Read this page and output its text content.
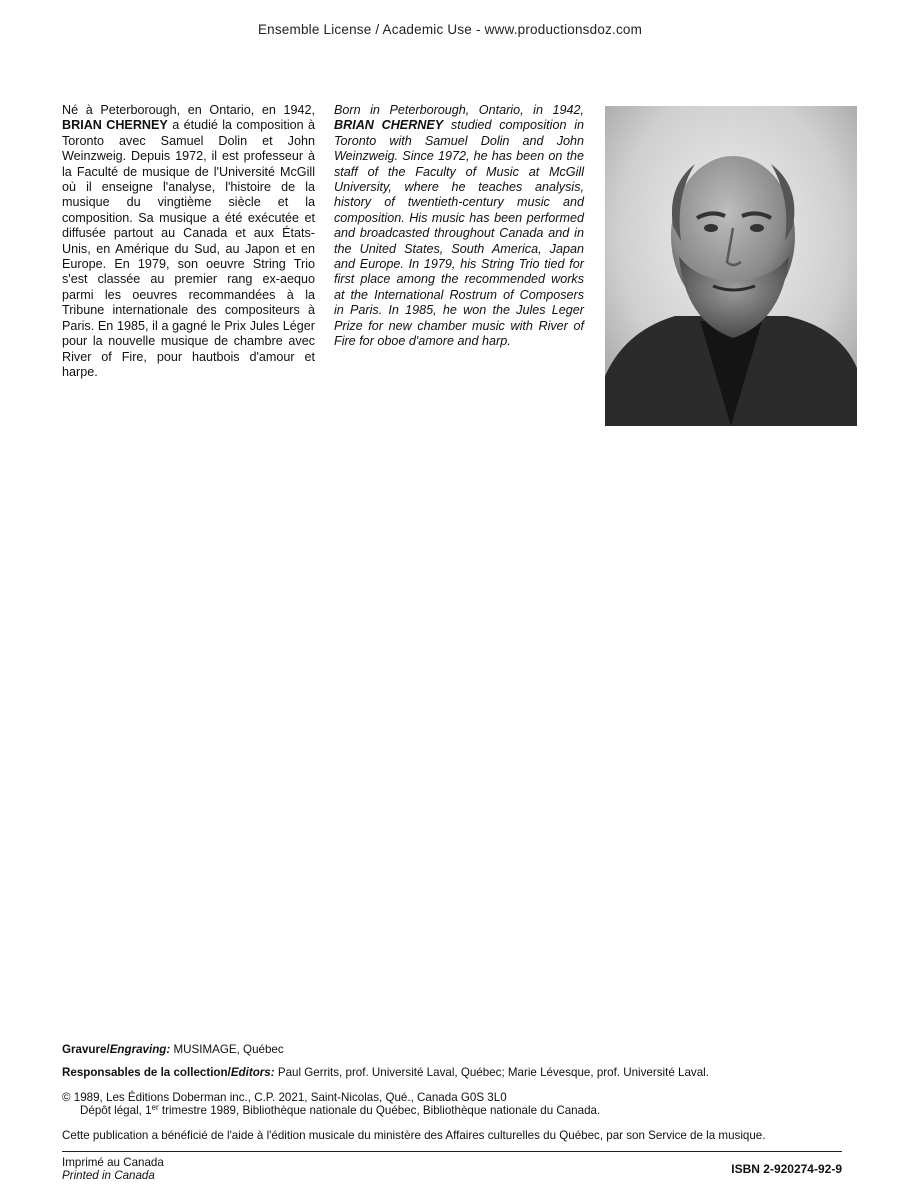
Ensemble License / Academic Use - www.productionsdoz.com
Né à Peterborough, en Ontario, en 1942, BRIAN CHERNEY a étudié la composition à Toronto avec Samuel Dolin et John Weinzweig. Depuis 1972, il est professeur à la Faculté de musique de l'Université McGill où il enseigne l'analyse, l'histoire de la musique du vingtième siècle et la composition. Sa musique a été exécutée et diffusée partout au Canada et aux États-Unis, en Amérique du Sud, au Japon et en Europe. En 1979, son oeuvre String Trio s'est classée au premier rang ex-aequo parmi les oeuvres recommandées à la Tribune internationale des compositeurs à Paris. En 1985, il a gagné le Prix Jules Léger pour la nouvelle musique de chambre avec River of Fire, pour hautbois d'amour et harpe.
Born in Peterborough, Ontario, in 1942, BRIAN CHERNEY studied composition in Toronto with Samuel Dolin and John Weinzweig. Since 1972, he has been on the staff of the Faculty of Music at McGill University, where he teaches analysis, history of twentieth-century music and composition. His music has been performed and broadcasted throughout Canada and in the United States, South America, Japan and Europe. In 1979, his String Trio tied for first place among the recommended works at the International Rostrum of Composers in Paris. In 1985, he won the Jules Leger Prize for new chamber music with River of Fire for oboe d'amore and harp.
Gravure/Engraving: MUSIMAGE, Québec
Responsables de la collection/Editors: Paul Gerrits, prof. Université Laval, Québec; Marie Lévesque, prof. Université Laval.
© 1989, Les Éditions Doberman inc., C.P. 2021, Saint-Nicolas, Qué., Canada G0S 3L0
Dépôt légal, 1er trimestre 1989, Bibliothèque nationale du Québec, Bibliothèque nationale du Canada.
Cette publication a bénéficié de l'aide à l'édition musicale du ministère des Affaires culturelles du Québec, par son Service de la musique.
Imprimé au Canada
Printed in Canada	ISBN 2-920274-92-9
